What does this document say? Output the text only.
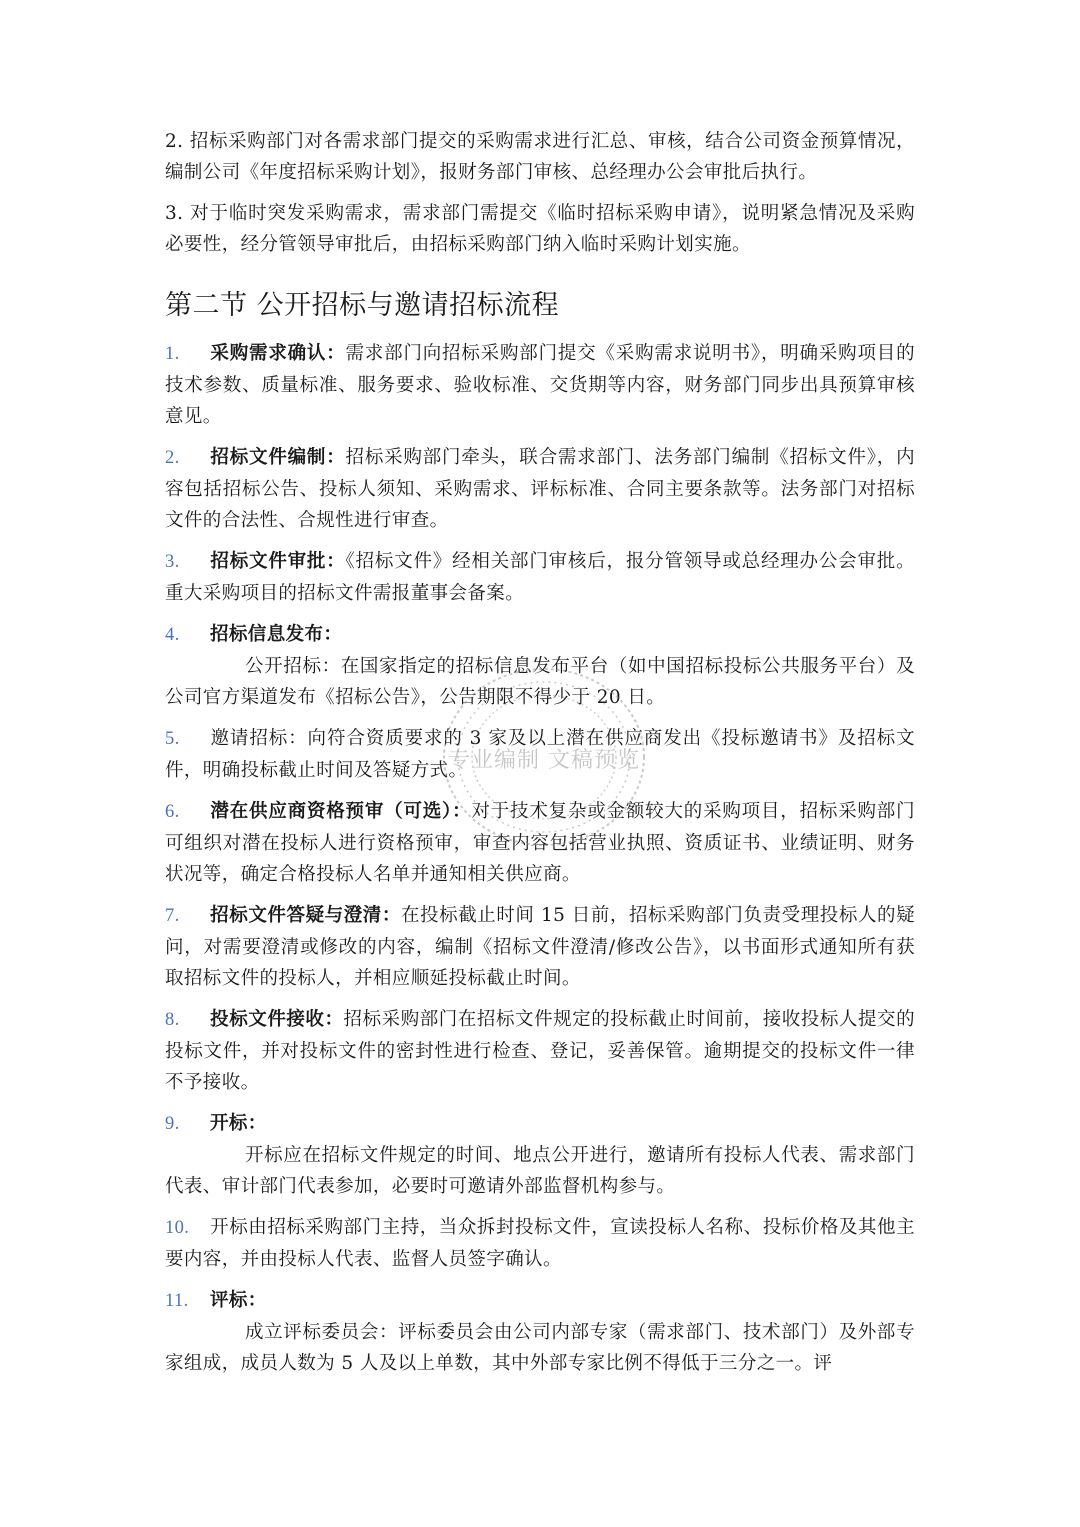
2. 招标采购部门对各需求部门提交的采购需求进行汇总、审核，结合公司资金预算情况，编制公司《年度招标采购计划》，报财务部门审核、总经理办公会审批后执行。

3. 对于临时突发采购需求，需求部门需提交《临时招标采购申请》，说明紧急情况及采购必要性，经分管领导审批后，由招标采购部门纳入临时采购计划实施。

第二节 公开招标与邀请招标流程

1. 采购需求确认：需求部门向招标采购部门提交《采购需求说明书》，明确采购项目的技术参数、质量标准、服务要求、验收标准、交货期等内容，财务部门同步出具预算审核意见。

2. 招标文件编制：招标采购部门牵头，联合需求部门、法务部门编制《招标文件》，内容包括招标公告、投标人须知、采购需求、评标标准、合同主要条款等。法务部门对招标文件的合法性、合规性进行审查。

3. 招标文件审批：《招标文件》经相关部门审核后，报分管领导或总经理办公会审批。重大采购项目的招标文件需报董事会备案。

4. 招标信息发布：

公开招标：在国家指定的招标信息发布平台（如中国招标投标公共服务平台）及公司官方渠道发布《招标公告》，公告期限不得少于 20 日。

5. 邀请招标：向符合资质要求的 3 家及以上潜在供应商发出《投标邀请书》及招标文件，明确投标截止时间及答疑方式。

6. 潜在供应商资格预审（可选）：对于技术复杂或金额较大的采购项目，招标采购部门可组织对潜在投标人进行资格预审，审查内容包括营业执照、资质证书、业绩证明、财务状况等，确定合格投标人名单并通知相关供应商。

7. 招标文件答疑与澄清：在投标截止时间 15 日前，招标采购部门负责受理投标人的疑问，对需要澄清或修改的内容，编制《招标文件澄清/修改公告》，以书面形式通知所有获取招标文件的投标人，并相应顺延投标截止时间。

8. 投标文件接收：招标采购部门在招标文件规定的投标截止时间前，接收投标人提交的投标文件，并对投标文件的密封性进行检查、登记，妥善保管。逾期提交的投标文件一律不予接收。

9. 开标：

开标应在招标文件规定的时间、地点公开进行，邀请所有投标人代表、需求部门代表、审计部门代表参加，必要时可邀请外部监督机构参与。

10. 开标由招标采购部门主持，当众拆封投标文件，宣读投标人名称、投标价格及其他主要内容，并由投标人代表、监督人员签字确认。

11. 评标：

成立评标委员会：评标委员会由公司内部专家（需求部门、技术部门）及外部专家组成，成员人数为 5 人及以上单数，其中外部专家比例不得低于三分之一。评

专业编制 文稿预览
